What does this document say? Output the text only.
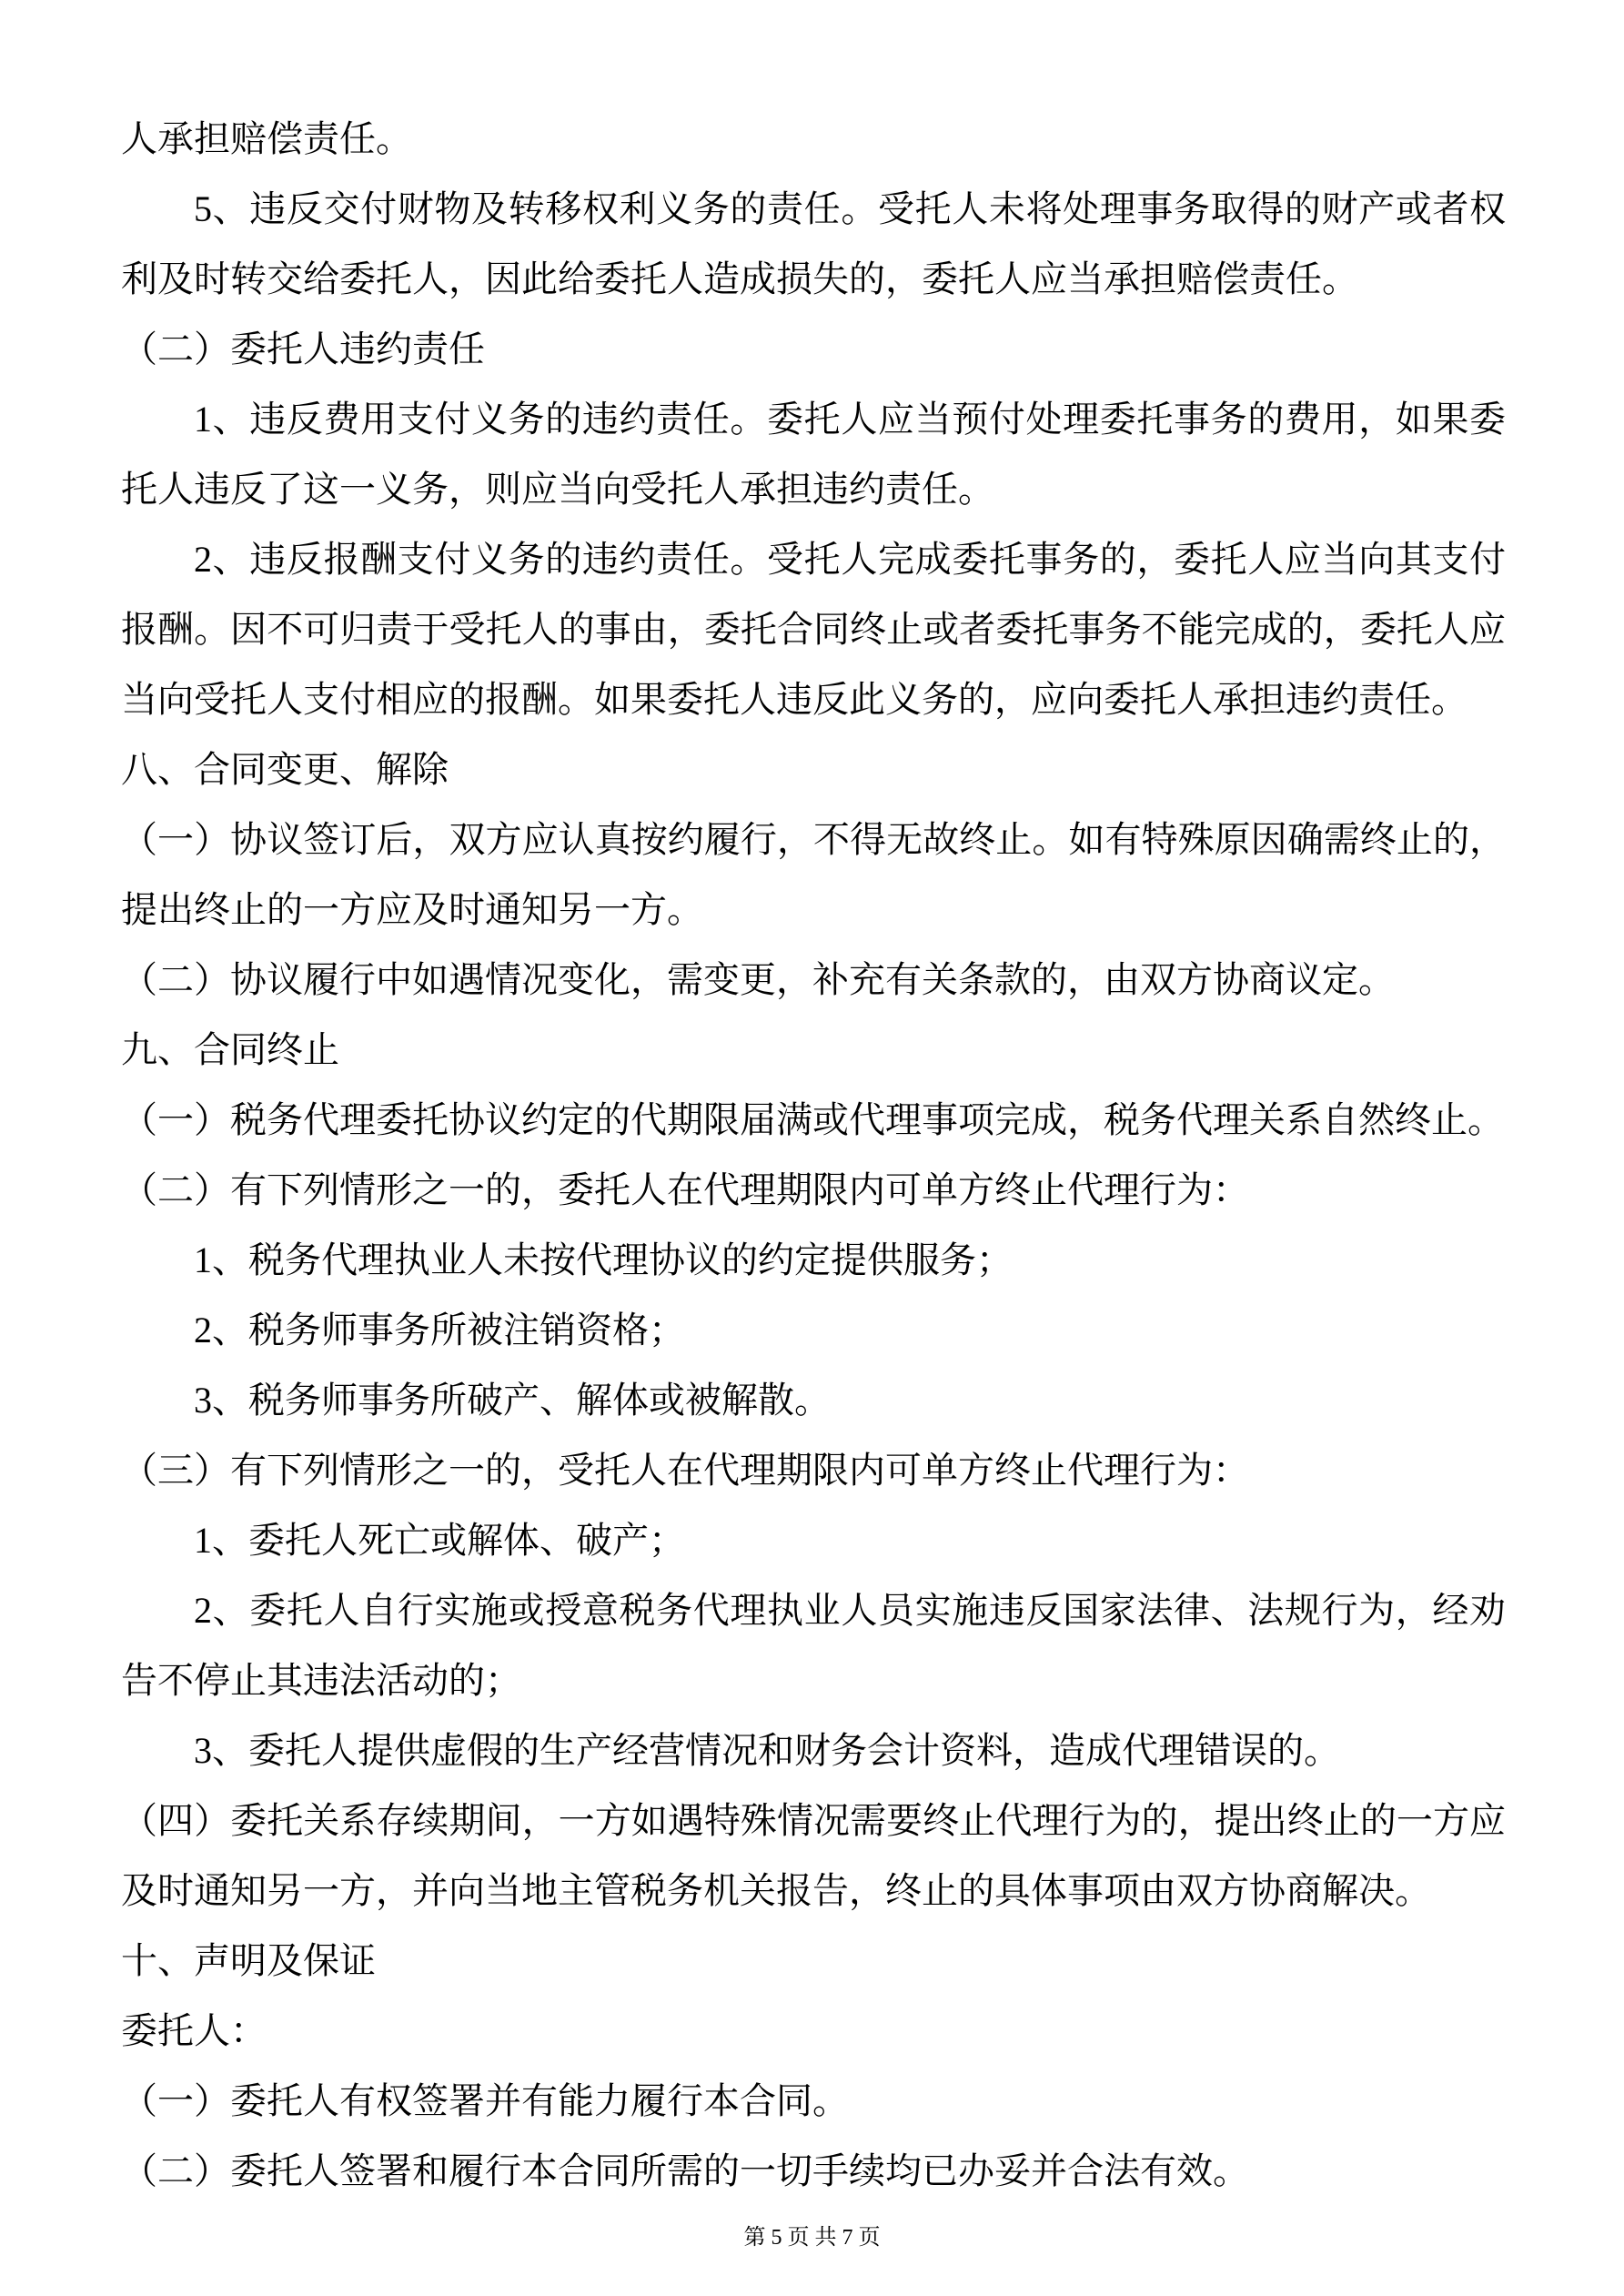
人承担赔偿责任。

5、违反交付财物及转移权利义务的责任。受托人未将处理事务取得的财产或者权利及时转交给委托人，因此给委托人造成损失的，委托人应当承担赔偿责任。

（二）委托人违约责任

1、违反费用支付义务的违约责任。委托人应当预付处理委托事务的费用，如果委托人违反了这一义务，则应当向受托人承担违约责任。

2、违反报酬支付义务的违约责任。受托人完成委托事务的，委托人应当向其支付报酬。因不可归责于受托人的事由，委托合同终止或者委托事务不能完成的，委托人应当向受托人支付相应的报酬。如果委托人违反此义务的，应向委托人承担违约责任。

八、合同变更、解除

（一）协议签订后，双方应认真按约履行，不得无故终止。如有特殊原因确需终止的，提出终止的一方应及时通知另一方。

（二）协议履行中如遇情况变化，需变更，补充有关条款的，由双方协商议定。

九、合同终止

（一）税务代理委托协议约定的代期限届满或代理事项完成，税务代理关系自然终止。

（二）有下列情形之一的，委托人在代理期限内可单方终止代理行为：

1、税务代理执业人未按代理协议的约定提供服务；

2、税务师事务所被注销资格；

3、税务师事务所破产、解体或被解散。

（三）有下列情形之一的，受托人在代理期限内可单方终止代理行为：

1、委托人死亡或解体、破产；

2、委托人自行实施或授意税务代理执业人员实施违反国家法律、法规行为，经劝告不停止其违法活动的；

3、委托人提供虚假的生产经营情况和财务会计资料，造成代理错误的。

（四）委托关系存续期间，一方如遇特殊情况需要终止代理行为的，提出终止的一方应及时通知另一方，并向当地主管税务机关报告，终止的具体事项由双方协商解决。

十、声明及保证

委托人：

（一）委托人有权签署并有能力履行本合同。

（二）委托人签署和履行本合同所需的一切手续均已办妥并合法有效。

第 5 页 共 7 页
